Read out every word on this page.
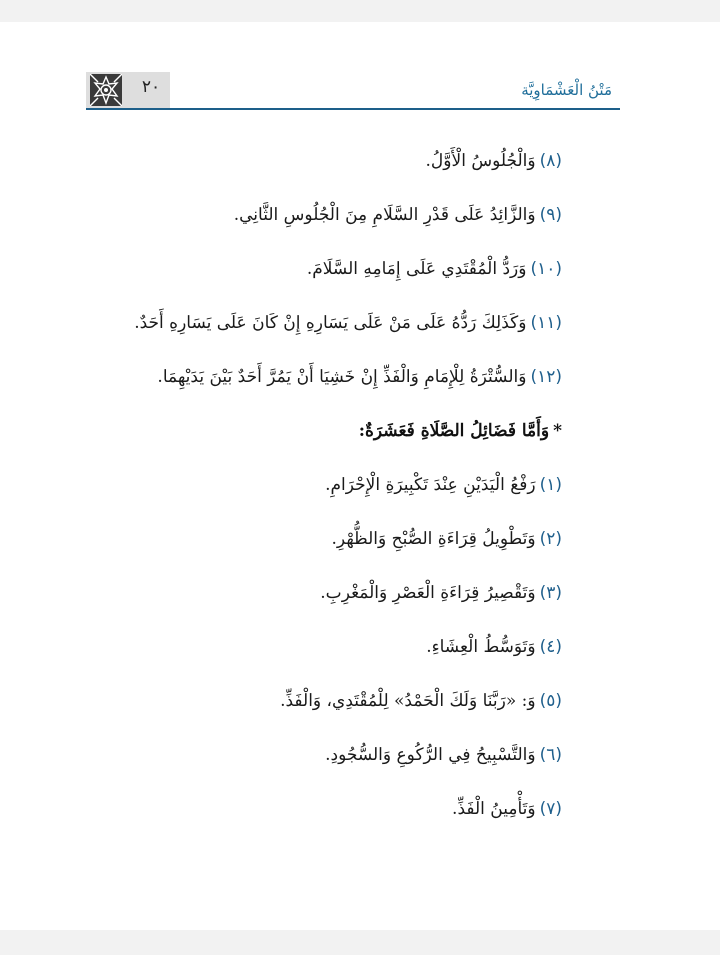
٢٠	مَتْنُ الْعَشْمَاوِيَّة
(٨)وَالْجُلُوسُ الْأَوَّلُ.
(٩)وَالزَّائِدُ عَلَى قَدْرِ السَّلَامِ مِنَ الْجُلُوسِ الثَّانِي.
(١٠)وَرَدُّ الْمُقْتَدِي عَلَى إِمَامِهِ السَّلَامَ.
(١١)وَكَذَلِكَ رَدُّهُ عَلَى مَنْ عَلَى يَسَارِهِ إِنْ كَانَ عَلَى يَسَارِهِ أَحَدٌ.
(١٢)وَالسُّتْرَةُ لِلْإِمَامِ وَالْفَذِّ إِنْ خَشِيَا أَنْ يَمُرَّ أَحَدٌ بَيْنَ يَدَيْهِمَا.
*وَأَمَّا فَضَائِلُ الصَّلَاةِ فَعَشَرَةٌ:
(١)رَفْعُ الْيَدَيْنِ عِنْدَ تَكْبِيرَةِ الْإِحْرَامِ.
(٢)وَتَطْوِيلُ قِرَاءَةِ الصُّبْحِ وَالظُّهْرِ.
(٣)وَتَقْصِيرُ قِرَاءَةِ الْعَصْرِ وَالْمَغْرِبِ.
(٤)وَتَوَسُّطُ الْعِشَاءِ.
(٥)وَ: «رَبَّنَا وَلَكَ الْحَمْدُ» لِلْمُقْتَدِي، وَالْفَذِّ.
(٦)وَالتَّسْبِيحُ فِي الرُّكُوعِ وَالسُّجُودِ.
(٧)وَتَأْمِينُ الْفَذِّ.
